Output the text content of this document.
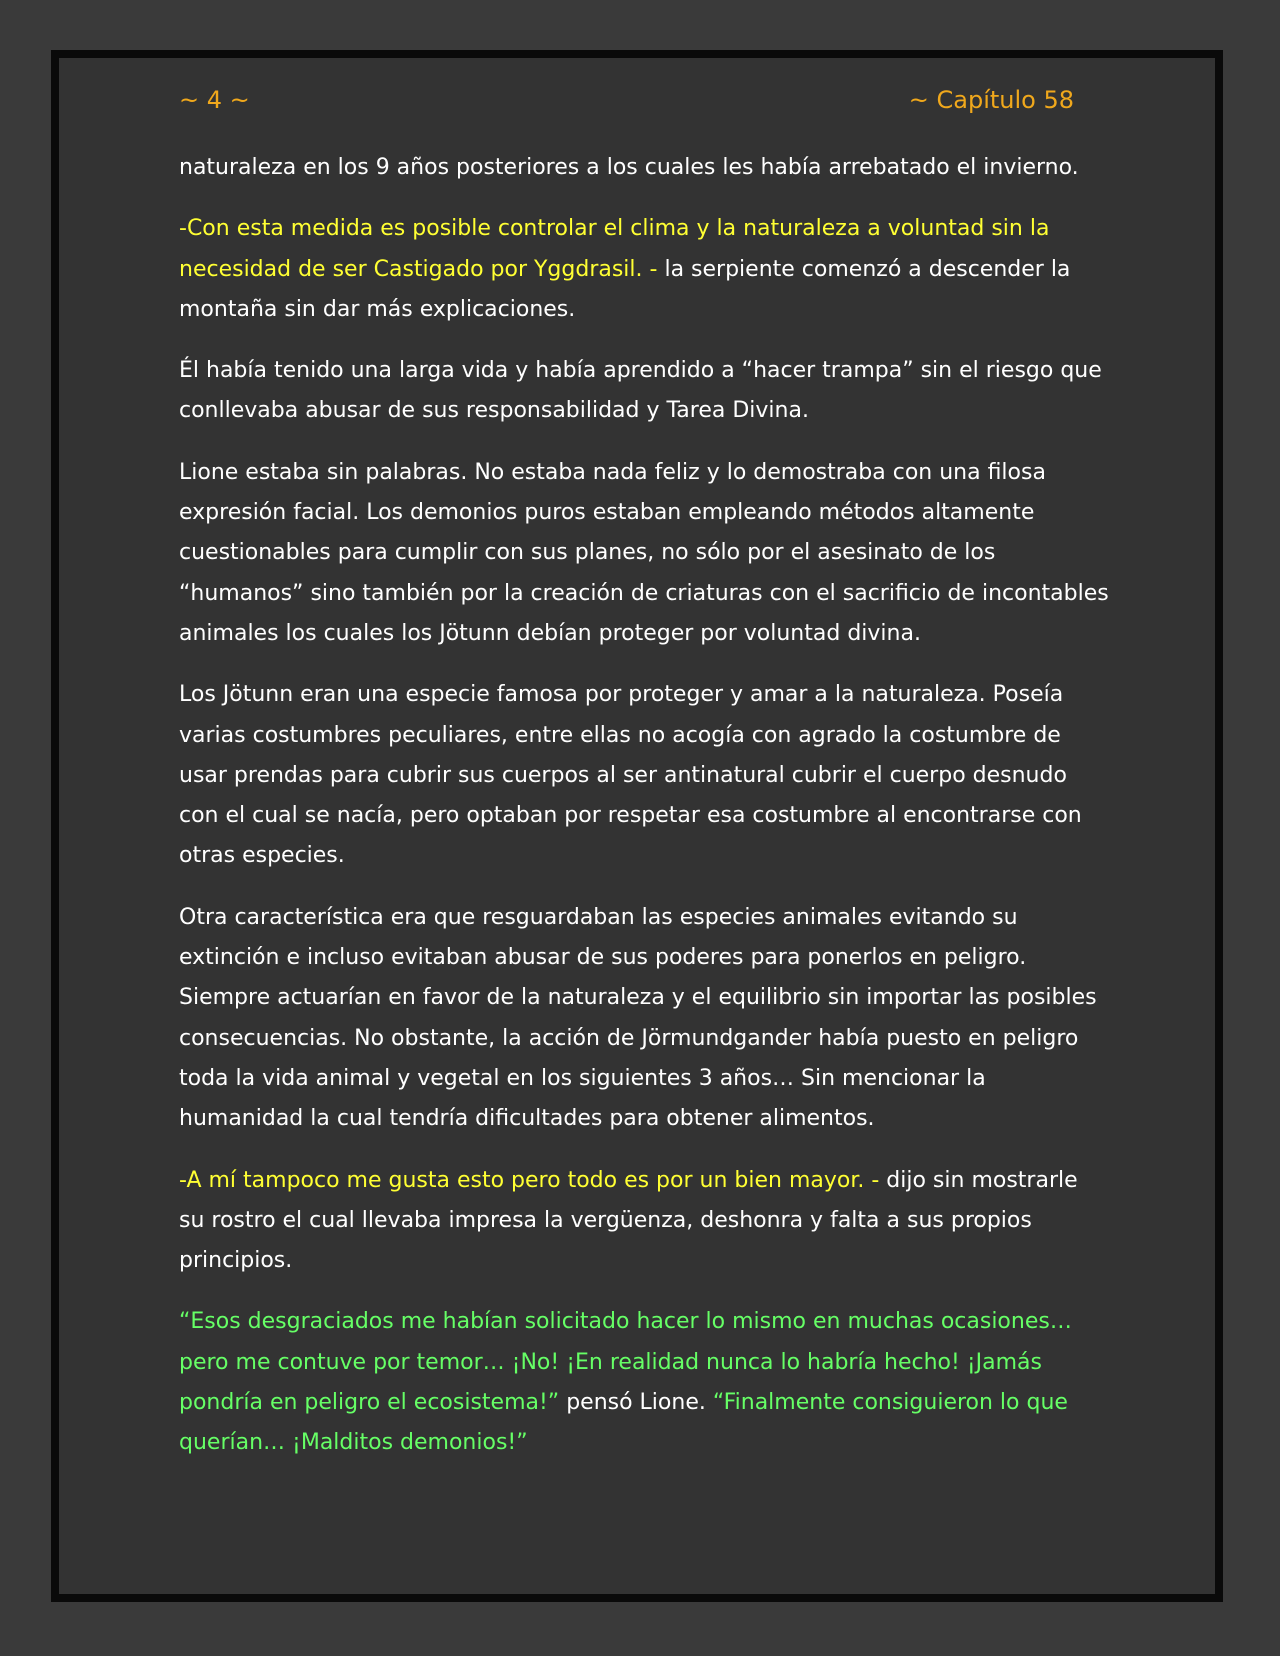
~ 4 ~	~ Capítulo 58

naturaleza en los 9 años posteriores a los cuales les había arrebatado el invierno.

-Con esta medida es posible controlar el clima y la naturaleza a voluntad sin la necesidad de ser Castigado por Yggdrasil. - la serpiente comenzó a descender la montaña sin dar más explicaciones.

Él había tenido una larga vida y había aprendido a “hacer trampa” sin el riesgo que conllevaba abusar de sus responsabilidad y Tarea Divina.

Lione estaba sin palabras. No estaba nada feliz y lo demostraba con una filosa expresión facial. Los demonios puros estaban empleando métodos altamente cuestionables para cumplir con sus planes, no sólo por el asesinato de los “humanos” sino también por la creación de criaturas con el sacrificio de incontables animales los cuales los Jötunn debían proteger por voluntad divina.

Los Jötunn eran una especie famosa por proteger y amar a la naturaleza. Poseía varias costumbres peculiares, entre ellas no acogía con agrado la costumbre de usar prendas para cubrir sus cuerpos al ser antinatural cubrir el cuerpo desnudo con el cual se nacía, pero optaban por respetar esa costumbre al encontrarse con otras especies.

Otra característica era que resguardaban las especies animales evitando su extinción e incluso evitaban abusar de sus poderes para ponerlos en peligro. Siempre actuarían en favor de la naturaleza y el equilibrio sin importar las posibles consecuencias. No obstante, la acción de Jörmundgander había puesto en peligro toda la vida animal y vegetal en los siguientes 3 años… Sin mencionar la humanidad la cual tendría dificultades para obtener alimentos.

-A mí tampoco me gusta esto pero todo es por un bien mayor. - dijo sin mostrarle su rostro el cual llevaba impresa la vergüenza, deshonra y falta a sus propios principios.

“Esos desgraciados me habían solicitado hacer lo mismo en muchas ocasiones… pero me contuve por temor… ¡No! ¡En realidad nunca lo habría hecho! ¡Jamás pondría en peligro el ecosistema!” pensó Lione. “Finalmente consiguieron lo que querían… ¡Malditos demonios!”
